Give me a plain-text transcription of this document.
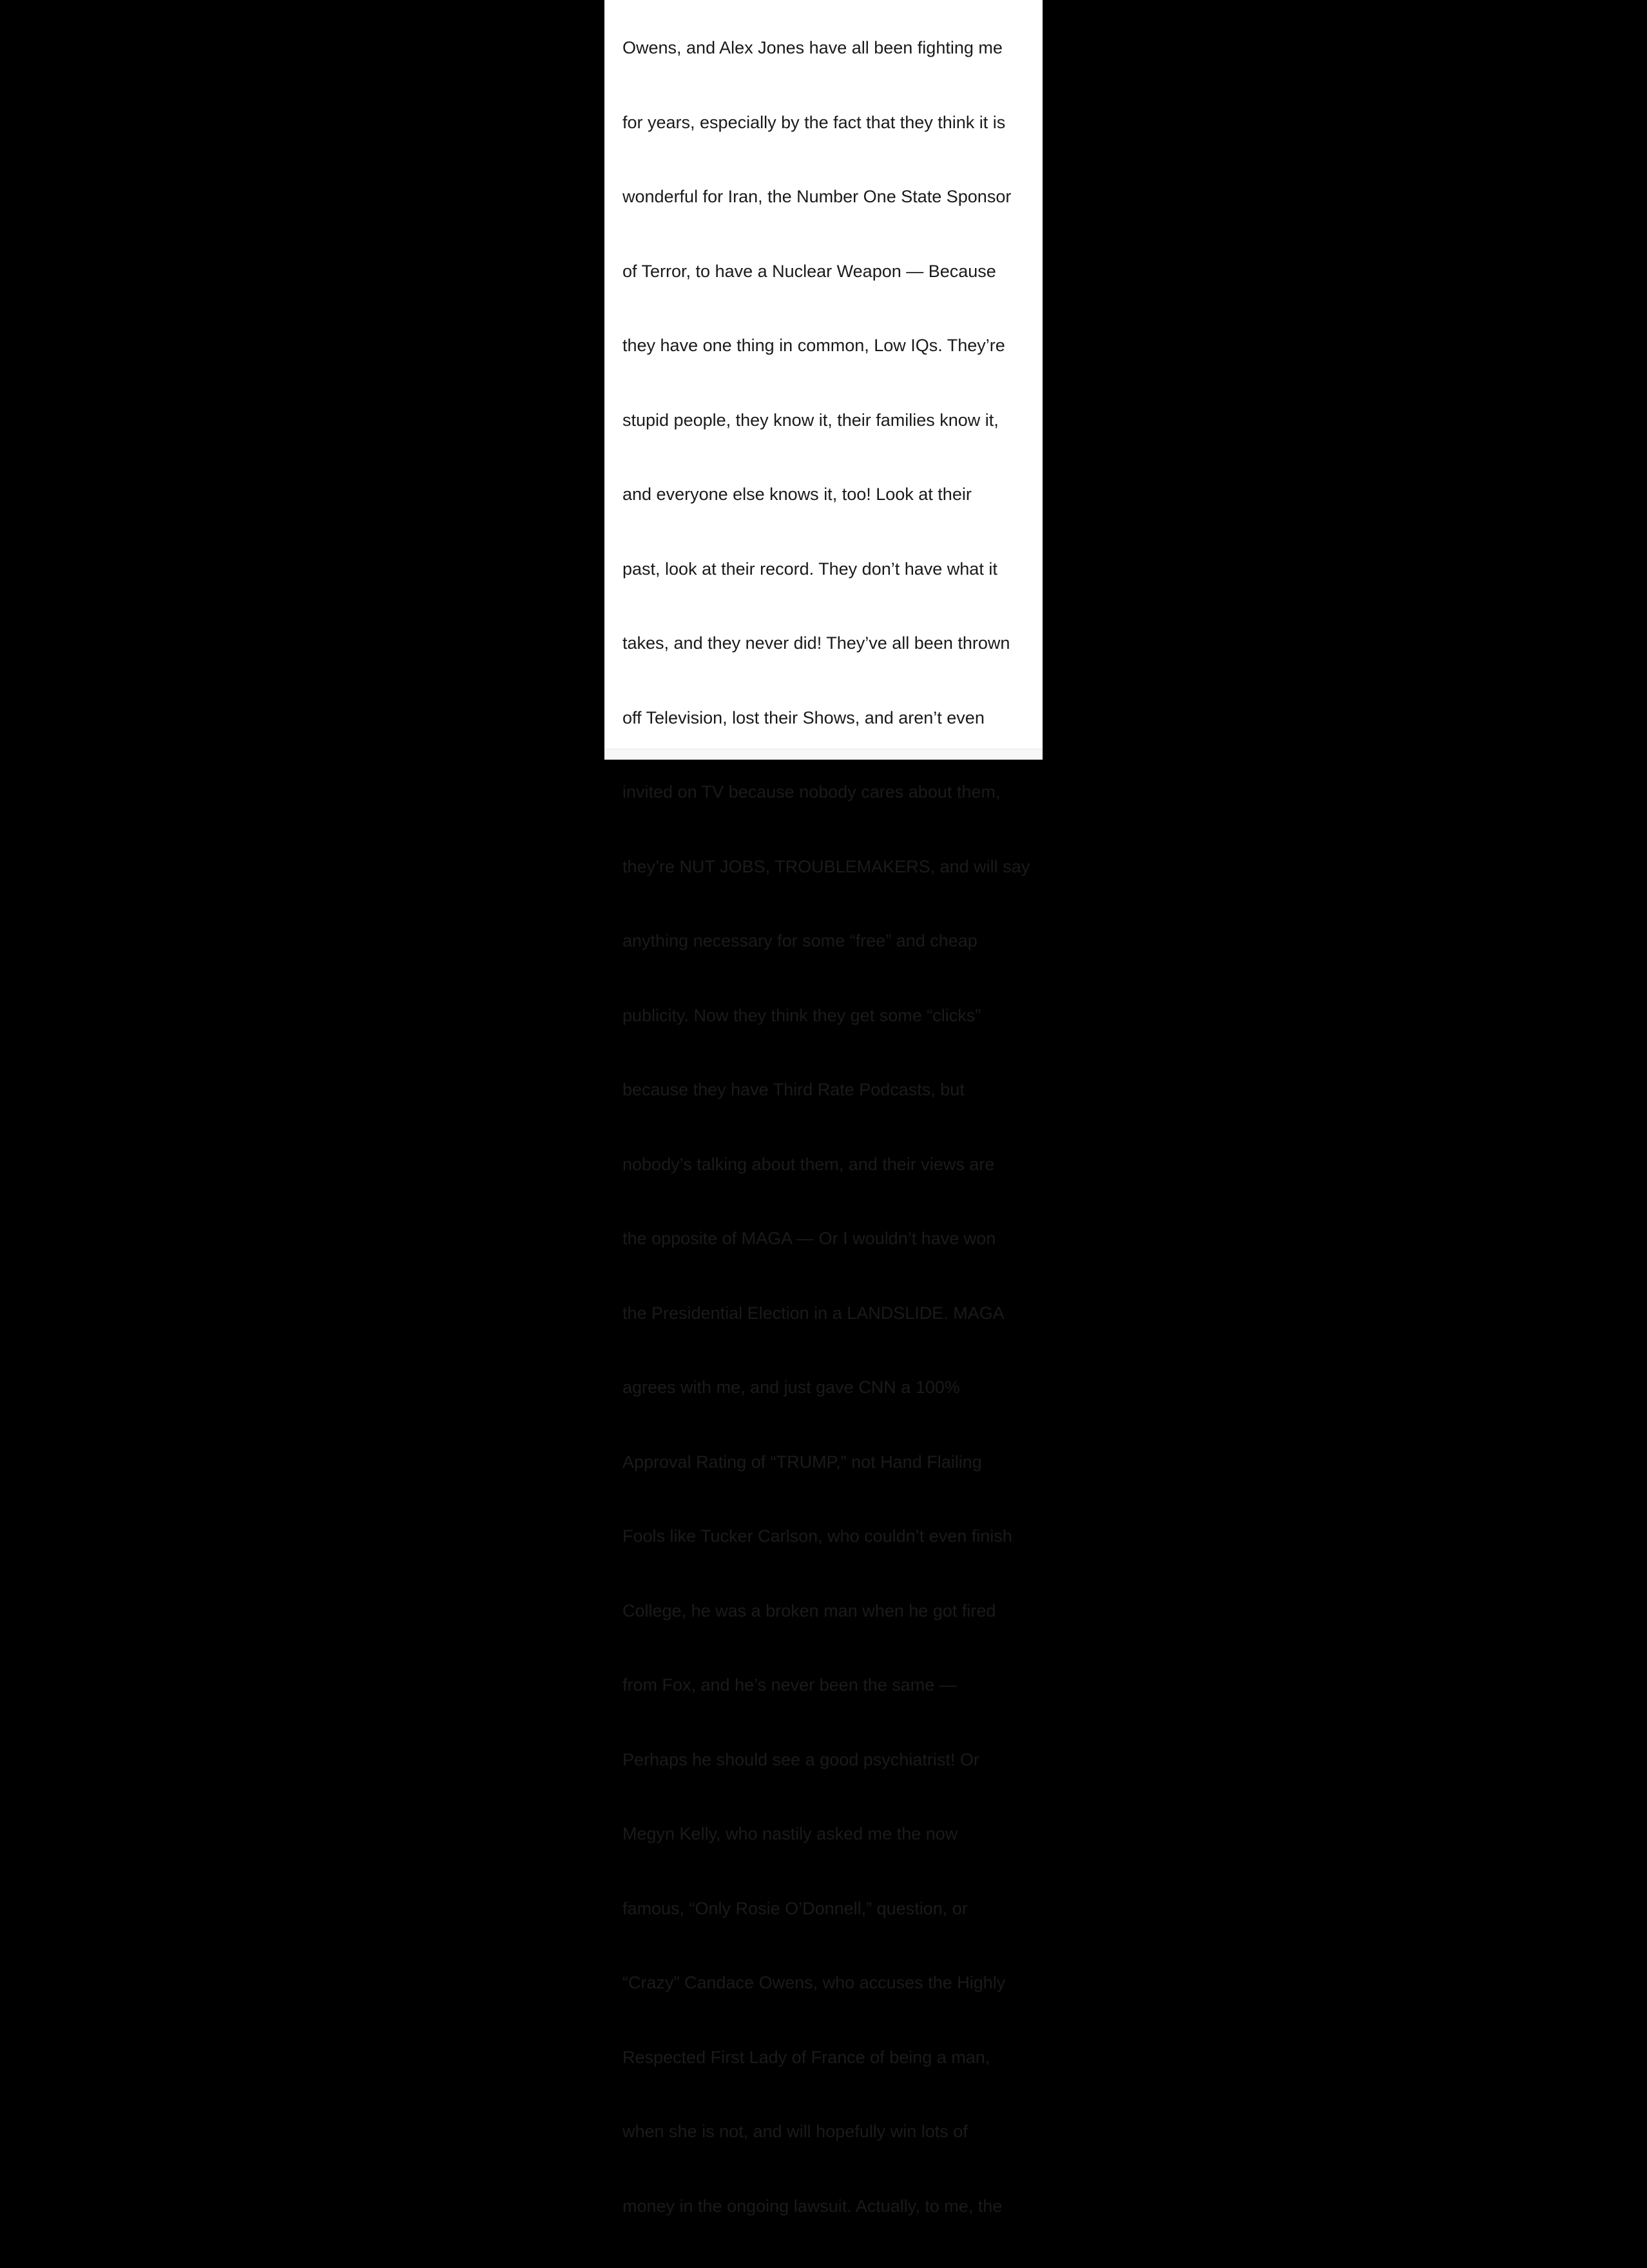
Owens, and Alex Jones have all been fighting me

for years, especially by the fact that they think it is

wonderful for Iran, the Number One State Sponsor

of Terror, to have a Nuclear Weapon — Because

they have one thing in common, Low IQs. They’re

stupid people, they know it, their families know it,

and everyone else knows it, too! Look at their

past, look at their record. They don’t have what it

takes, and they never did! They’ve all been thrown

off Television, lost their Shows, and aren’t even

invited on TV because nobody cares about them,

they’re NUT JOBS, TROUBLEMAKERS, and will say

anything necessary for some “free” and cheap

publicity. Now they think they get some “clicks”

because they have Third Rate Podcasts, but

nobody’s talking about them, and their views are

the opposite of MAGA — Or I wouldn’t have won

the Presidential Election in a LANDSLIDE. MAGA

agrees with me, and just gave CNN a 100%

Approval Rating of “TRUMP,” not Hand Flailing

Fools like Tucker Carlson, who couldn’t even finish

College, he was a broken man when he got fired

from Fox, and he’s never been the same —

Perhaps he should see a good psychiatrist! Or

Megyn Kelly, who nastily asked me the now

famous, “Only Rosie O’Donnell,” question, or

“Crazy” Candace Owens, who accuses the Highly

Respected First Lady of France of being a man,

when she is not, and will hopefully win lots of

money in the ongoing lawsuit. Actually, to me, the
